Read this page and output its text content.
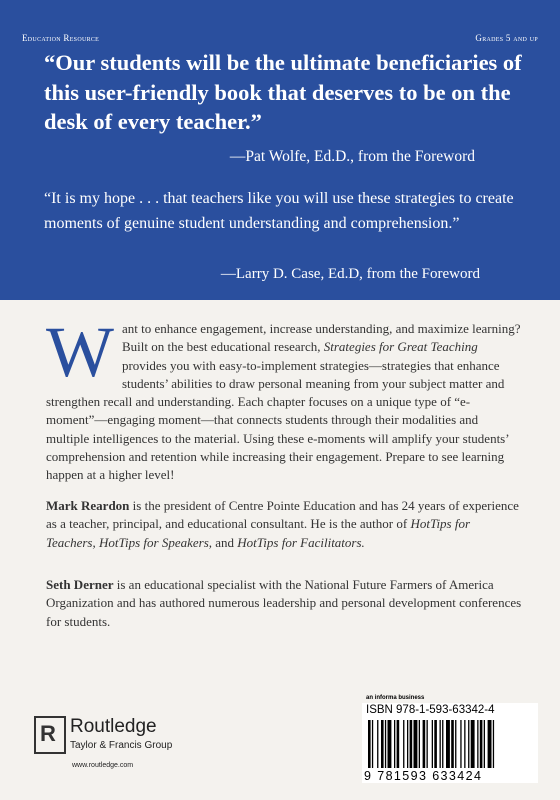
Education Resource	Grades 5 and up
“Our students will be the ultimate beneficiaries of this user-friendly book that deserves to be on the desk of every teacher.”
—Pat Wolfe, Ed.D., from the Foreword
“It is my hope . . . that teachers like you will use these strategies to create moments of genuine student understanding and comprehension.”
—Larry D. Case, Ed.D, from the Foreword
Want to enhance engagement, increase understanding, and maximize learning? Built on the best educational research, Strategies for Great Teaching provides you with easy-to-implement strategies—strategies that enhance students’ abilities to draw personal meaning from your subject matter and strengthen recall and understanding. Each chapter focuses on a unique type of “e-moment”—engaging moment—that connects students through their modalities and multiple intelligences to the material. Using these e-moments will amplify your students’ comprehension and retention while increasing their engagement. Prepare to see learning happen at a higher level!
Mark Reardon is the president of Centre Pointe Education and has 24 years of experience as a teacher, principal, and educational consultant. He is the author of HotTips for Teachers, HotTips for Speakers, and HotTips for Facilitators.
Seth Derner is an educational specialist with the National Future Farmers of America Organization and has authored numerous leadership and personal development conferences for students.
R Routledge
Taylor & Francis Group
www.routledge.com
an informa business
ISBN 978-1-593-63342-4
9 781593 633424
